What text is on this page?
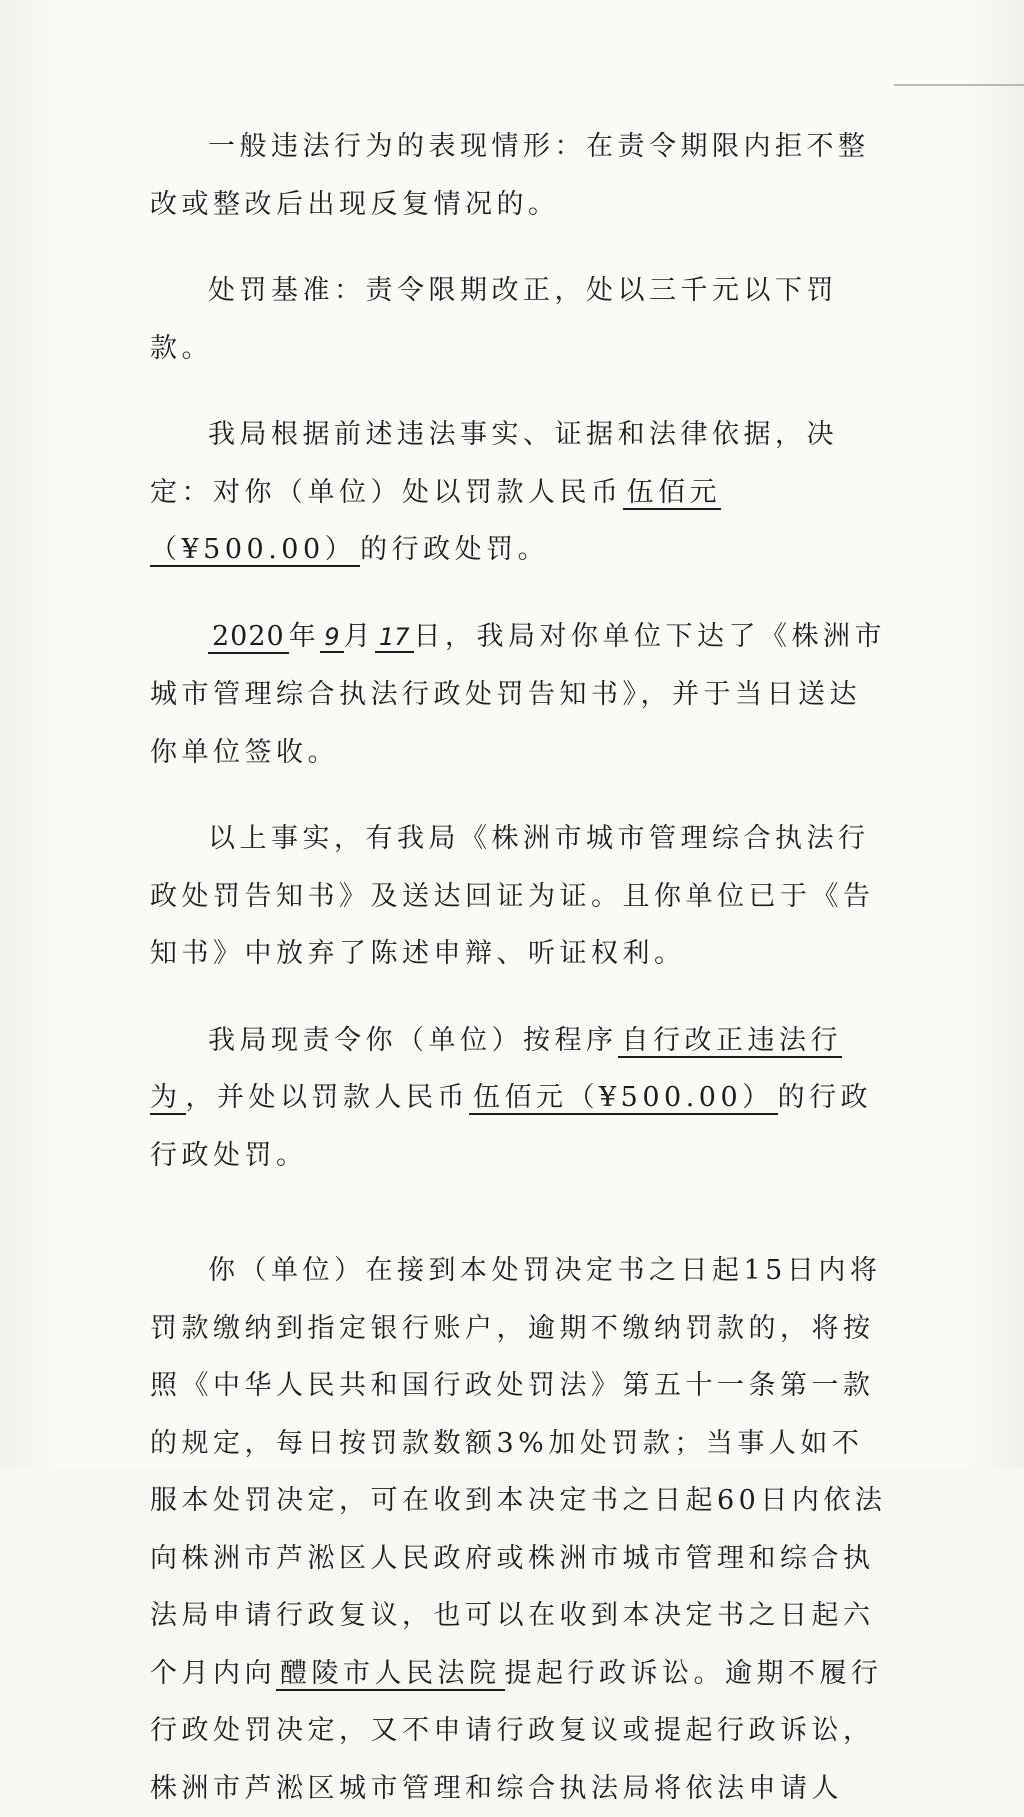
一般违法行为的表现情形：在责令期限内拒不整改或整改后出现反复情况的。

处罚基准：责令限期改正，处以三千元以下罚款。

我局根据前述违法事实、证据和法律依据，决定：对你（单位）处以罚款人民币 伍佰元（¥500.00） 的行政处罚。

2020 年 9 月 17 日，我局对你单位下达了《株洲市城市管理综合执法行政处罚告知书》，并于当日送达你单位签收。

以上事实，有我局《株洲市城市管理综合执法行政处罚告知书》及送达回证为证。且你单位已于《告知书》中放弃了陈述申辩、听证权利。

我局现责令你（单位）按程序 自行改正违法行为 ，并处以罚款人民币 伍佰元（¥500.00） 的行政行政处罚。

你（单位）在接到本处罚决定书之日起15日内将罚款缴纳到指定银行账户，逾期不缴纳罚款的，将按照《中华人民共和国行政处罚法》第五十一条第一款的规定，每日按罚款数额3%加处罚款；当事人如不服本处罚决定，可在收到本决定书之日起60日内依法向株洲市芦淞区人民政府或株洲市城市管理和综合执法局申请行政复议，也可以在收到本决定书之日起六个月内向 醴陵市人民法院 提起行政诉讼。逾期不履行行政处罚决定，又不申请行政复议或提起行政诉讼，株洲市芦淞区城市管理和综合执法局将依法申请人
